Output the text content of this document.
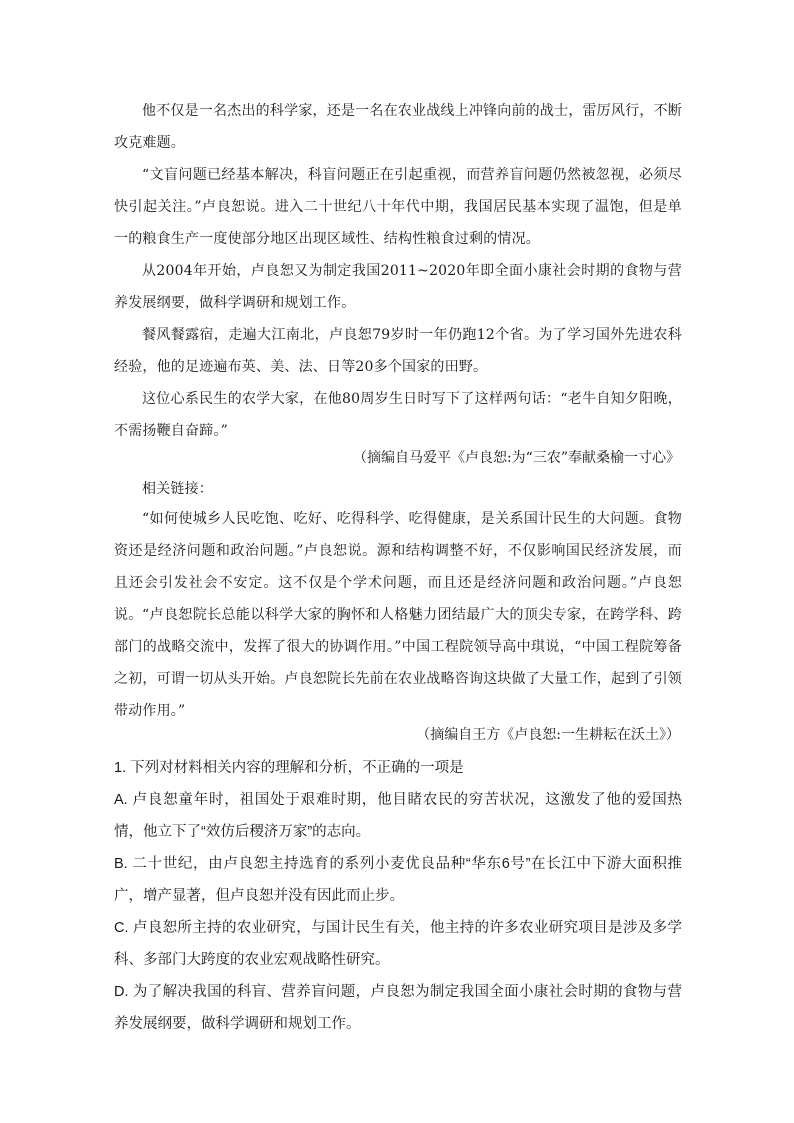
他不仅是一名杰出的科学家，还是一名在农业战线上冲锋向前的战士，雷厉风行，不断攻克难题。

“文盲问题已经基本解决，科盲问题正在引起重视，而营养盲问题仍然被忽视，必须尽快引起关注。”卢良恕说。进入二十世纪八十年代中期，我国居民基本实现了温饱，但是单一的粮食生产一度使部分地区出现区域性、结构性粮食过剩的情况。

从2004年开始，卢良恕又为制定我国2011~2020年即全面小康社会时期的食物与营养发展纲要，做科学调研和规划工作。

餐风餐露宿，走遍大江南北，卢良恕79岁时一年仍跑12个省。为了学习国外先进农科经验，他的足迹遍布英、美、法、日等20多个国家的田野。

这位心系民生的农学大家，在他80周岁生日时写下了这样两句话：“老牛自知夕阳晚，不需扬鞭自奋蹄。”

（摘编自马爱平《卢良恕:为“三农”奉献桑榆一寸心》

相关链接：

“如何使城乡人民吃饱、吃好、吃得科学、吃得健康，是关系国计民生的大问题。食物资还是经济问题和政治问题。”卢良恕说。源和结构调整不好，不仅影响国民经济发展，而且还会引发社会不安定。这不仅是个学术问题，而且还是经济问题和政治问题。”卢良恕说。 “卢良恕院长总能以科学大家的胸怀和人格魅力团结最广大的顶尖专家，在跨学科、跨部门的战略交流中，发挥了很大的协调作用。”中国工程院领导高中琪说，“中国工程院筹备之初，可谓一切从头开始。卢良恕院长先前在农业战略咨询这块做了大量工作，起到了引领带动作用。”

（摘编自王方《卢良恕:一生耕耘在沃土》）

1. 下列对材料相关内容的理解和分析，不正确的一项是

A. 卢良恕童年时，祖国处于艰难时期，他目睹农民的穷苦状况，这激发了他的爱国热情，他立下了“效仿后稷济万家”的志向。

B. 二十世纪，由卢良恕主持选育的系列小麦优良品种“华东6号”在长江中下游大面积推广，增产显著，但卢良恕并没有因此而止步。

C. 卢良恕所主持的农业研究，与国计民生有关，他主持的许多农业研究项目是涉及多学科、多部门大跨度的农业宏观战略性研究。

D. 为了解决我国的科盲、营养盲问题，卢良恕为制定我国全面小康社会时期的食物与营养发展纲要，做科学调研和规划工作。
